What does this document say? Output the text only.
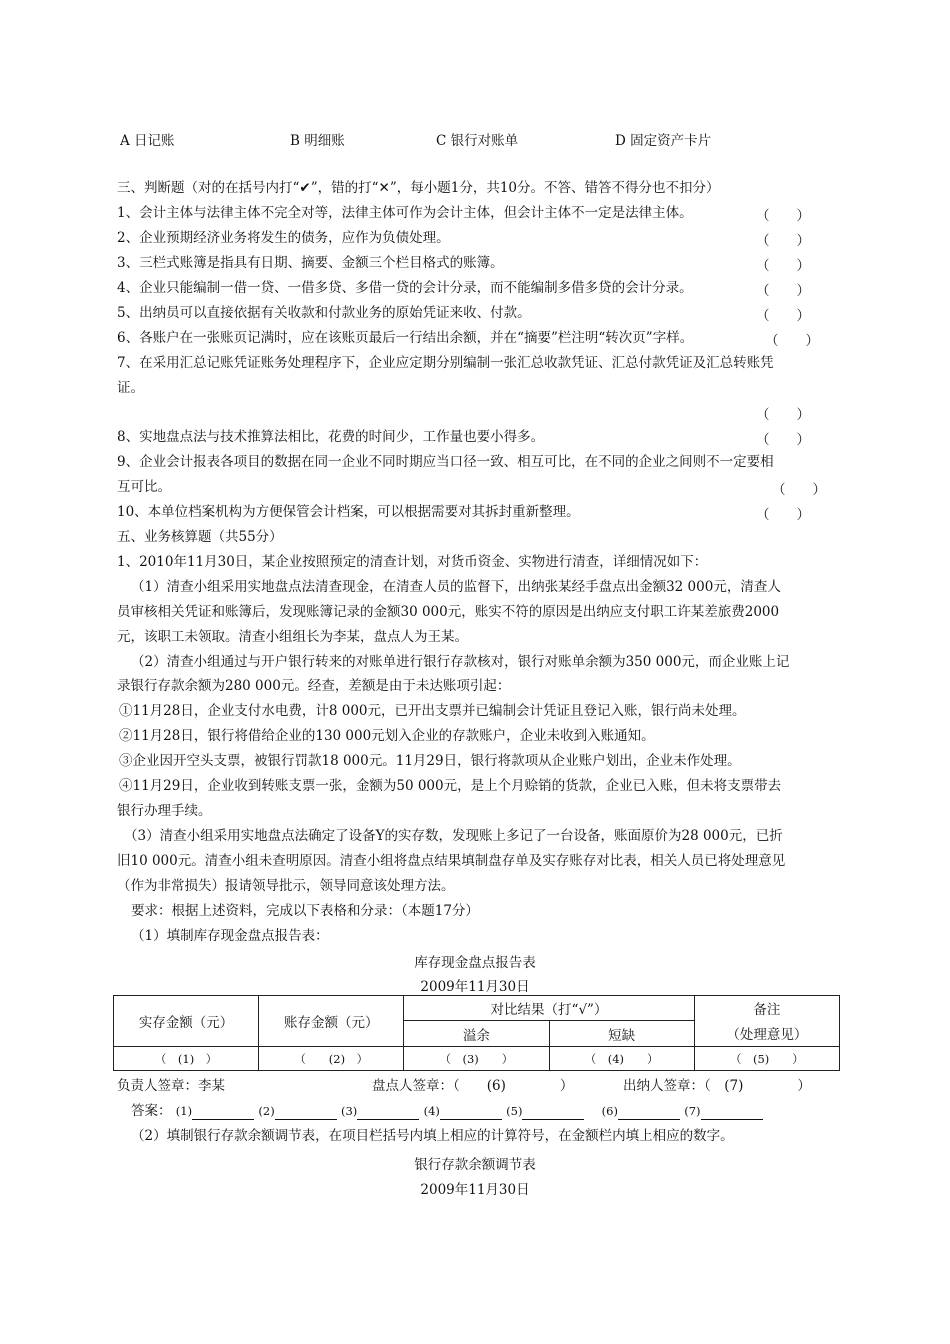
A 日记账	B 明细账	C 银行对账单	D 固定资产卡片
三、判断题（对的在括号内打“✔”，错的打“✕”，每小题1分，共10分。不答、错答不得分也不扣分）
1、会计主体与法律主体不完全对等，法律主体可作为会计主体，但会计主体不一定是法律主体。	（　　）
2、企业预期经济业务将发生的债务，应作为负债处理。	（　　）
3、三栏式账簿是指具有日期、摘要、金额三个栏目格式的账簿。	（　　）
4、企业只能编制一借一贷、一借多贷、多借一贷的会计分录，而不能编制多借多贷的会计分录。	（　　）
5、出纳员可以直接依据有关收款和付款业务的原始凭证来收、付款。	（　　）
6、各账户在一张账页记满时，应在该账页最后一行结出余额，并在“摘要”栏注明“转次页”字样。	（　　）
7、在采用汇总记账凭证账务处理程序下，企业应定期分别编制一张汇总收款凭证、汇总付款凭证及汇总转账凭
证。
（　　）
8、实地盘点法与技术推算法相比，花费的时间少，工作量也要小得多。	（　　）
9、企业会计报表各项目的数据在同一企业不同时期应当口径一致、相互可比，在不同的企业之间则不一定要相
互可比。	（　　）
10、本单位档案机构为方便保管会计档案，可以根据需要对其拆封重新整理。	（　　）
五、业务核算题（共55分）
1、2010年11月30日，某企业按照预定的清查计划，对货币资金、实物进行清查，详细情况如下：
（1）清查小组采用实地盘点法清查现金，在清查人员的监督下，出纳张某经手盘点出金额32 000元，清查人
员审核相关凭证和账簿后，发现账簿记录的金额30 000元，账实不符的原因是出纳应支付职工许某差旅费2000
元，该职工未领取。清查小组组长为李某，盘点人为王某。
（2）清查小组通过与开户银行转来的对账单进行银行存款核对，银行对账单余额为350 000元，而企业账上记
录银行存款余额为280 000元。经查，差额是由于未达账项引起：
①11月28日，企业支付水电费，计8 000元，已开出支票并已编制会计凭证且登记入账，银行尚未处理。
②11月28日，银行将借给企业的130 000元划入企业的存款账户，企业未收到入账通知。
③企业因开空头支票，被银行罚款18 000元。11月29日，银行将款项从企业账户划出，企业未作处理。
④11月29日，企业收到转账支票一张，金额为50 000元，是上个月赊销的货款，企业已入账，但未将支票带去
银行办理手续。
（3）清查小组采用实地盘点法确定了设备Y的实存数，发现账上多记了一台设备，账面原价为28 000元，已折
旧10 000元。清查小组未查明原因。清查小组将盘点结果填制盘存单及实存账存对比表，相关人员已将处理意见
（作为非常损失）报请领导批示，领导同意该处理方法。
要求：根据上述资料，完成以下表格和分录：（本题17分）
（1）填制库存现金盘点报告表：
库存现金盘点报告表
2009年11月30日
实存金额（元）	账存金额（元）	对比结果（打“√”）		备注
		溢余	短缺	（处理意见）
（　(1)　）	（　　(2)　）	（　(3)　　）	（　(4)　　）	（　(5)　　）
负责人签章：李某	盘点人签章：（　　(6)　　　　）	出纳人签章：（　(7)　　　　）
答案： (1)	(2)	(3)	(4)	(5)	(6)	(7)
（2）填制银行存款余额调节表，在项目栏括号内填上相应的计算符号，在金额栏内填上相应的数字。
银行存款余额调节表
2009年11月30日
